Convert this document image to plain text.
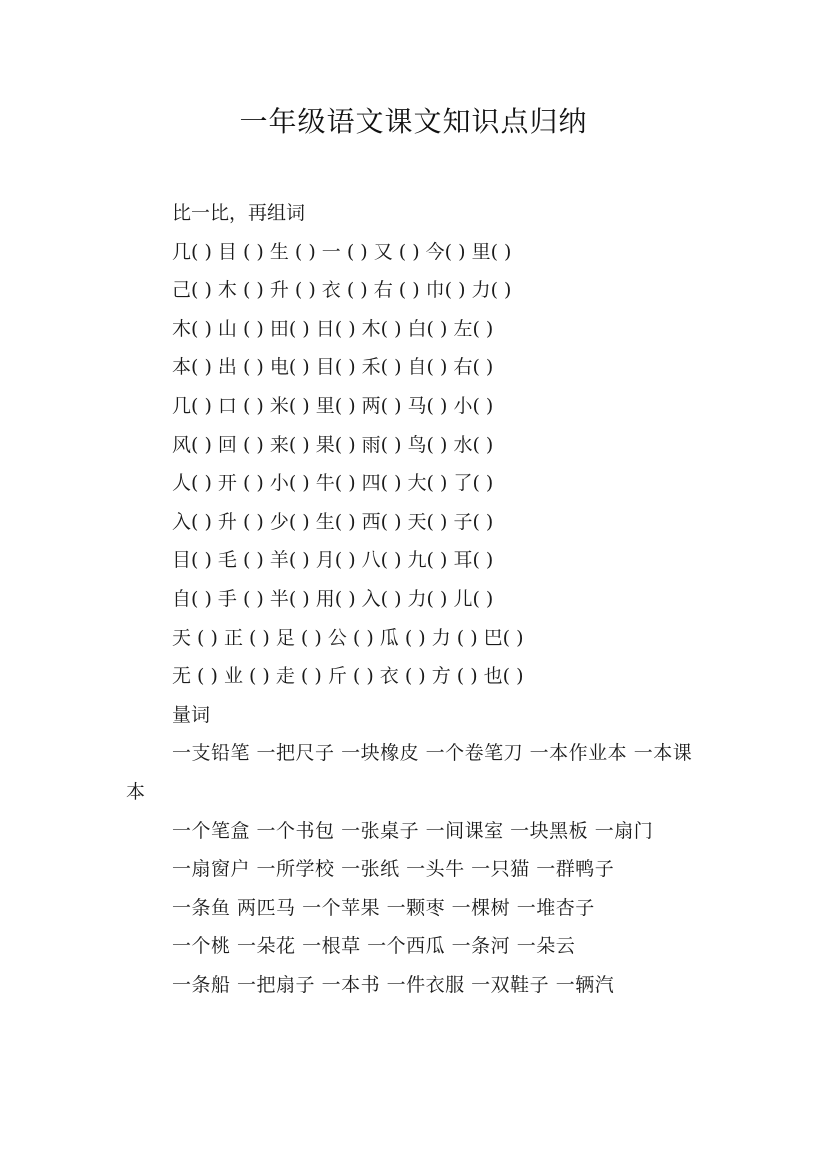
一年级语文课文知识点归纳
比一比，再组词
几( ) 目 ( ) 生 ( ) 一 ( ) 又 ( ) 今( ) 里( )
己( ) 木 ( ) 升 ( ) 衣 ( ) 右 ( ) 巾( ) 力( )
木( ) 山 ( ) 田( ) 日( ) 木( ) 白( ) 左( )
本( ) 出 ( ) 电( ) 目( ) 禾( ) 自( ) 右( )
几( ) 口 ( ) 米( ) 里( ) 两( ) 马( ) 小( )
风( ) 回 ( ) 来( ) 果( ) 雨( ) 鸟( ) 水( )
人( ) 开 ( ) 小( ) 牛( ) 四( ) 大( ) 了( )
入( ) 升 ( ) 少( ) 生( ) 西( ) 天( ) 子( )
目( ) 毛 ( ) 羊( ) 月( ) 八( ) 九( ) 耳( )
自( ) 手 ( ) 半( ) 用( ) 入( ) 力( ) 儿( )
天 ( ) 正 ( ) 足 ( ) 公 ( ) 瓜 ( ) 力 ( ) 巴( )
无 ( ) 业 ( ) 走 ( ) 斤 ( ) 衣 ( ) 方 ( ) 也( )
量词
一支铅笔 一把尺子 一块橡皮 一个卷笔刀 一本作业本 一本课本
一个笔盒 一个书包 一张桌子 一间课室 一块黑板 一扇门
一扇窗户 一所学校 一张纸 一头牛 一只猫 一群鸭子
一条鱼 两匹马 一个苹果 一颗枣 一棵树 一堆杏子
一个桃 一朵花 一根草 一个西瓜 一条河 一朵云
一条船 一把扇子 一本书 一件衣服 一双鞋子 一辆汽
